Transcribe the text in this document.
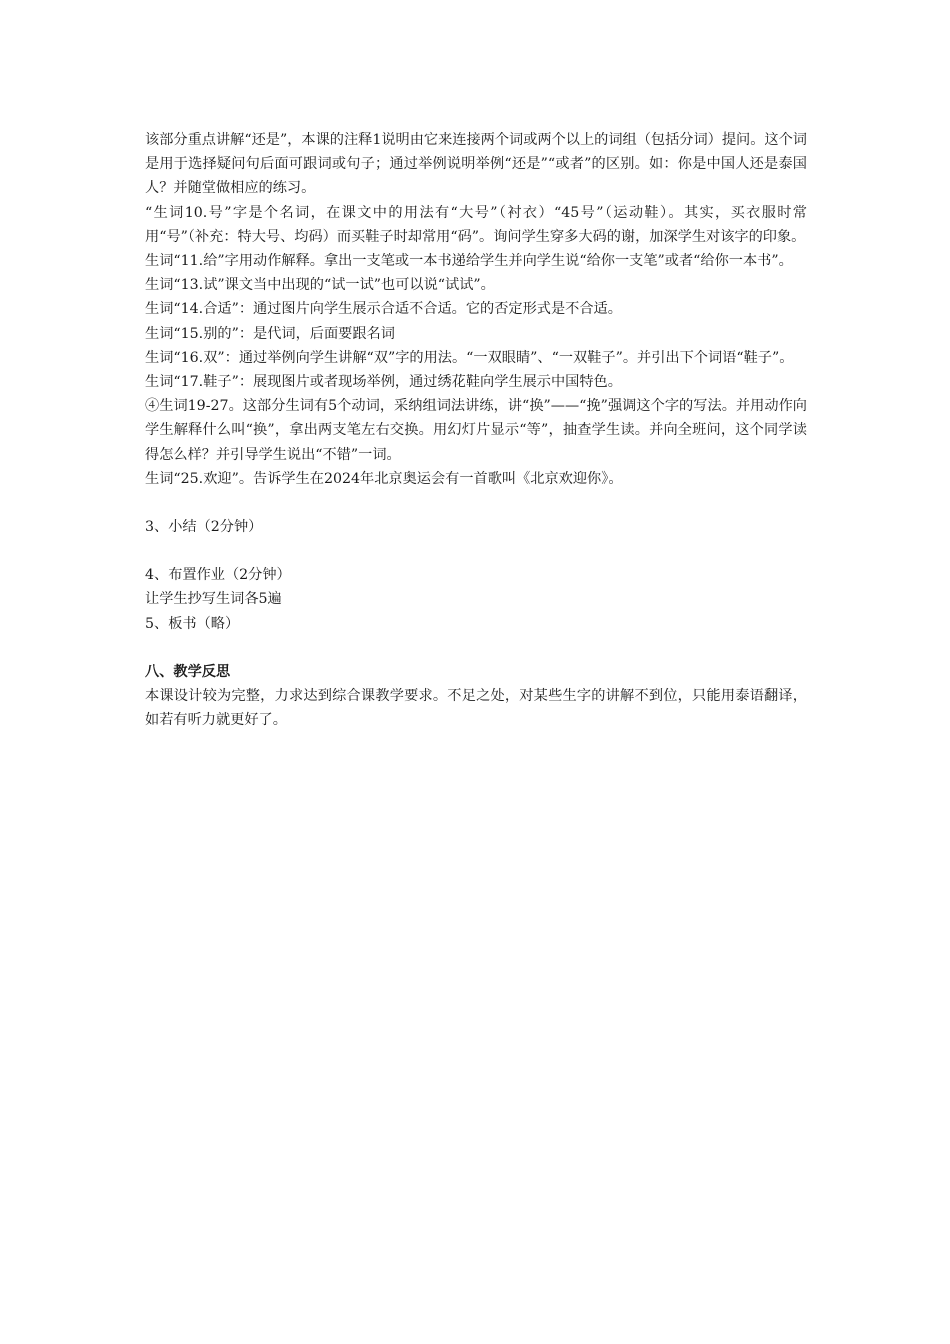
该部分重点讲解“还是”，本课的注释1说明由它来连接两个词或两个以上的词组（包括分词）提问。这个词是用于选择疑问句后面可跟词或句子；通过举例说明举例“还是”“或者”的区别。如：你是中国人还是泰国人？并随堂做相应的练习。

“生词10.号”字是个名词，在课文中的用法有“大号”（衬衣）“45号”（运动鞋）。其实，买衣服时常用“号”（补充：特大号、均码）而买鞋子时却常用“码”。询问学生穿多大码的谢，加深学生对该字的印象。

生词“11.给”字用动作解释。拿出一支笔或一本书递给学生并向学生说“给你一支笔”或者“给你一本书”。

生词“13.试”课文当中出现的“试一试”也可以说“试试”。

生词“14.合适”：通过图片向学生展示合适不合适。它的否定形式是不合适。

生词“15.别的”：是代词，后面要跟名词

生词“16.双”：通过举例向学生讲解“双”字的用法。“一双眼睛”、“一双鞋子”。并引出下个词语“鞋子”。

生词“17.鞋子”：展现图片或者现场举例，通过绣花鞋向学生展示中国特色。

④生词19-27。这部分生词有5个动词，采纳组词法讲练，讲“换”——“挽”强调这个字的写法。并用动作向学生解释什么叫“换”，拿出两支笔左右交换。用幻灯片显示“等”，抽查学生读。并向全班问，这个同学读得怎么样？并引导学生说出“不错”一词。

生词“25.欢迎”。告诉学生在2024年北京奥运会有一首歌叫《北京欢迎你》。

3、小结（2分钟）

4、布置作业（2分钟）

让学生抄写生词各5遍

5、板书（略）

八、教学反思

本课设计较为完整，力求达到综合课教学要求。不足之处，对某些生字的讲解不到位，只能用泰语翻译，如若有听力就更好了。
